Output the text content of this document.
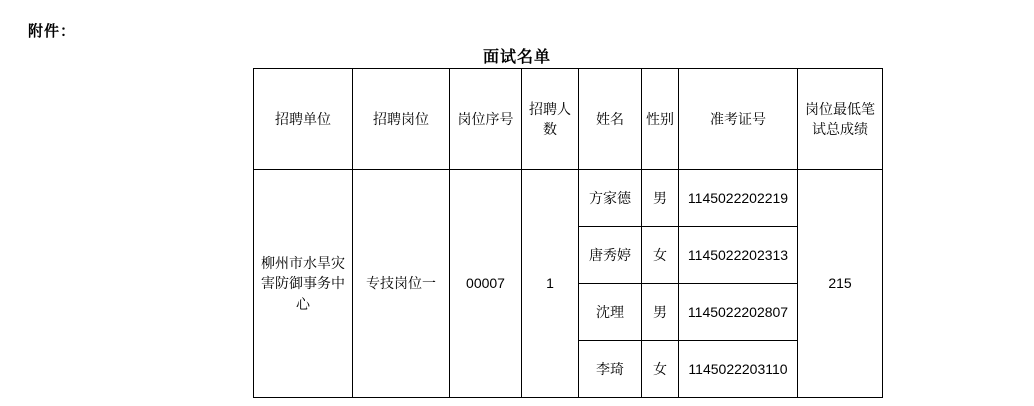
附件：
面试名单
招聘单位	招聘岗位	岗位序号	招聘人数	姓名	性别	准考证号	岗位最低笔试总成绩
柳州市水旱灾害防御事务中心	专技岗位一	00007	1	方家德	男	1145022202219	215
				唐秀婷	女	1145022202313	
				沈理	男	1145022202807	
				李琦	女	1145022203110	
